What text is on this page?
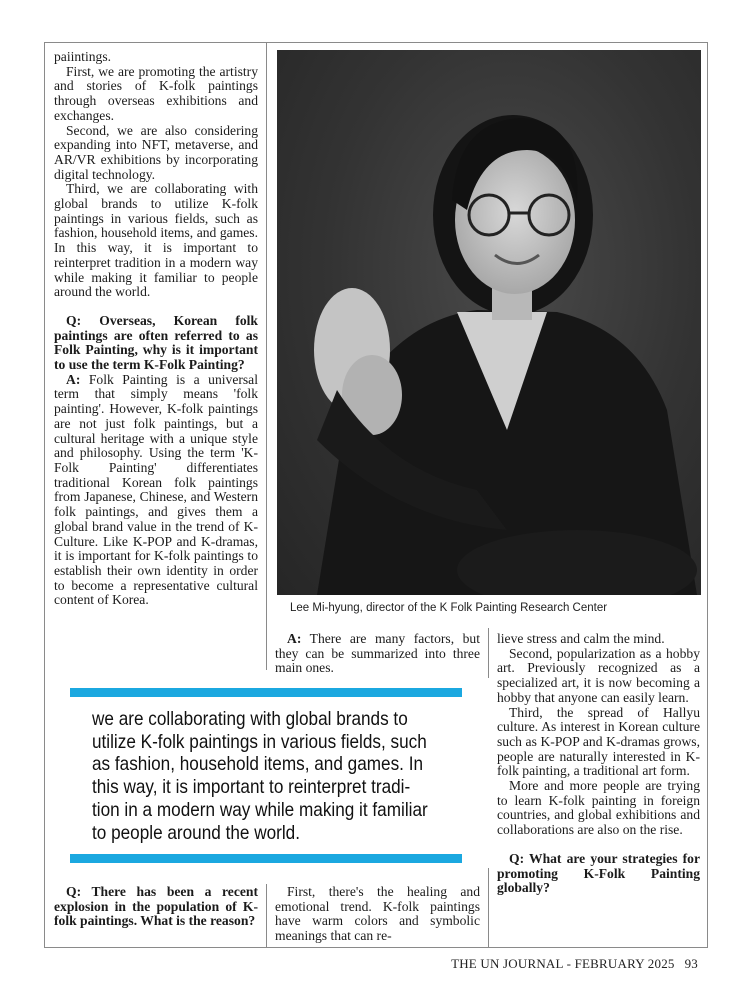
paiintings.

First, we are promoting the artistry and stories of K-folk paintings through overseas exhibitions and exchanges.

Second, we are also considering expanding into NFT, metaverse, and AR/VR exhibitions by incorporating digital technology.

Third, we are collaborating with global brands to utilize K-folk paintings in various fields, such as fashion, household items, and games. In this way, it is important to reinterpret tradition in a modern way while making it familiar to people around the world.

Q: Overseas, Korean folk paintings are often referred to as Folk Painting, why is it important to use the term K-Folk Painting?

A: Folk Painting is a universal term that simply means 'folk painting'. However, K-folk paintings are not just folk paintings, but a cultural heritage with a unique style and philosophy. Using the term 'K-Folk Painting' differentiates traditional Korean folk paintings from Japanese, Chinese, and Western folk paintings, and gives them a global brand value in the trend of K-Culture. Like K-POP and K-dramas, it is important for K-folk paintings to establish their own identity in order to become a representative cultural content of Korea.

Lee Mi-hyung, director of the K Folk Painting Research Center

A: There are many factors, but they can be summarized into three main ones.

lieve stress and calm the mind.

Second, popularization as a hobby art. Previously recognized as a specialized art, it is now becoming a hobby that anyone can easily learn.

Third, the spread of Hallyu culture. As interest in Korean culture such as K-POP and K-dramas grows, people are naturally interested in K-folk painting, a traditional art form.

More and more people are trying to learn K-folk painting in foreign countries, and global exhibitions and collaborations are also on the rise.

Q: What are your strategies for promoting K-Folk Painting globally?

we are collaborating with global brands to
utilize K-folk paintings in various fields, such
as fashion, household items, and games. In
this way, it is important to reinterpret tradi-
tion in a modern way while making it familiar
to people around the world.

Q: There has been a recent explosion in the population of K-folk paintings. What is the reason?

First, there's the healing and emotional trend. K-folk paintings have warm colors and symbolic meanings that can re-

THE UN JOURNAL - FEBRUARY 2025 93
